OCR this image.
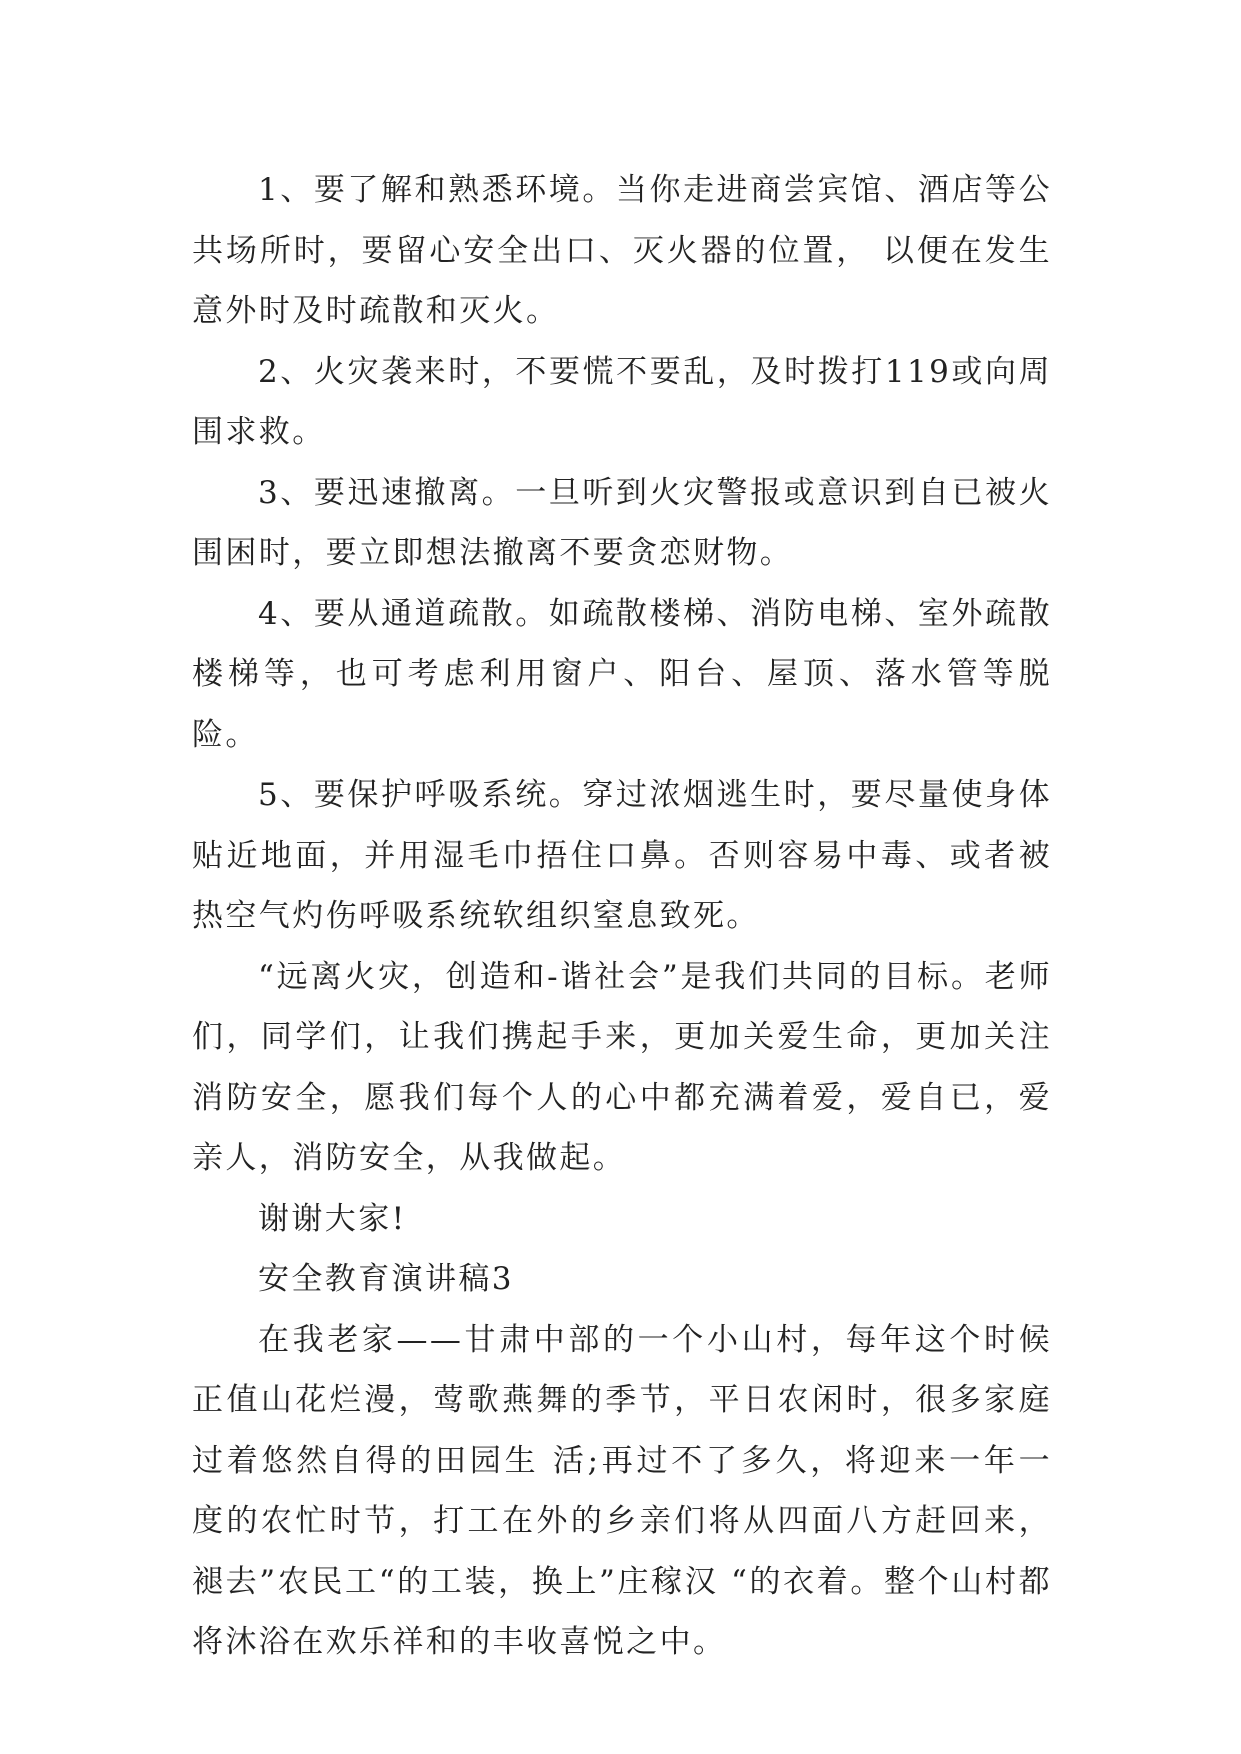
1、要了解和熟悉环境。当你走进商尝宾馆、酒店等公共场所时，要留心安全出口、灭火器的位置， 以便在发生意外时及时疏散和灭火。

2、火灾袭来时，不要慌不要乱，及时拨打119或向周围求救。

3、要迅速撤离。一旦听到火灾警报或意识到自已被火围困时，要立即想法撤离不要贪恋财物。

4、要从通道疏散。如疏散楼梯、消防电梯、室外疏散楼梯等，也可考虑利用窗户、阳台、屋顶、落水管等脱险。

5、要保护呼吸系统。穿过浓烟逃生时，要尽量使身体贴近地面，并用湿毛巾捂住口鼻。否则容易中毒、或者被热空气灼伤呼吸系统软组织窒息致死。

“远离火灾，创造和-谐社会”是我们共同的目标。老师们，同学们，让我们携起手来，更加关爱生命，更加关注消防安全，愿我们每个人的心中都充满着爱，爱自已，爱亲人，消防安全，从我做起。

谢谢大家!

安全教育演讲稿3

在我老家——甘肃中部的一个小山村，每年这个时候正值山花烂漫，莺歌燕舞的季节，平日农闲时，很多家庭过着悠然自得的田园生 活;再过不了多久，将迎来一年一度的农忙时节，打工在外的乡亲们将从四面八方赶回来，褪去”农民工“的工装，换上”庄稼汉 “的衣着。整个山村都将沐浴在欢乐祥和的丰收喜悦之中。
